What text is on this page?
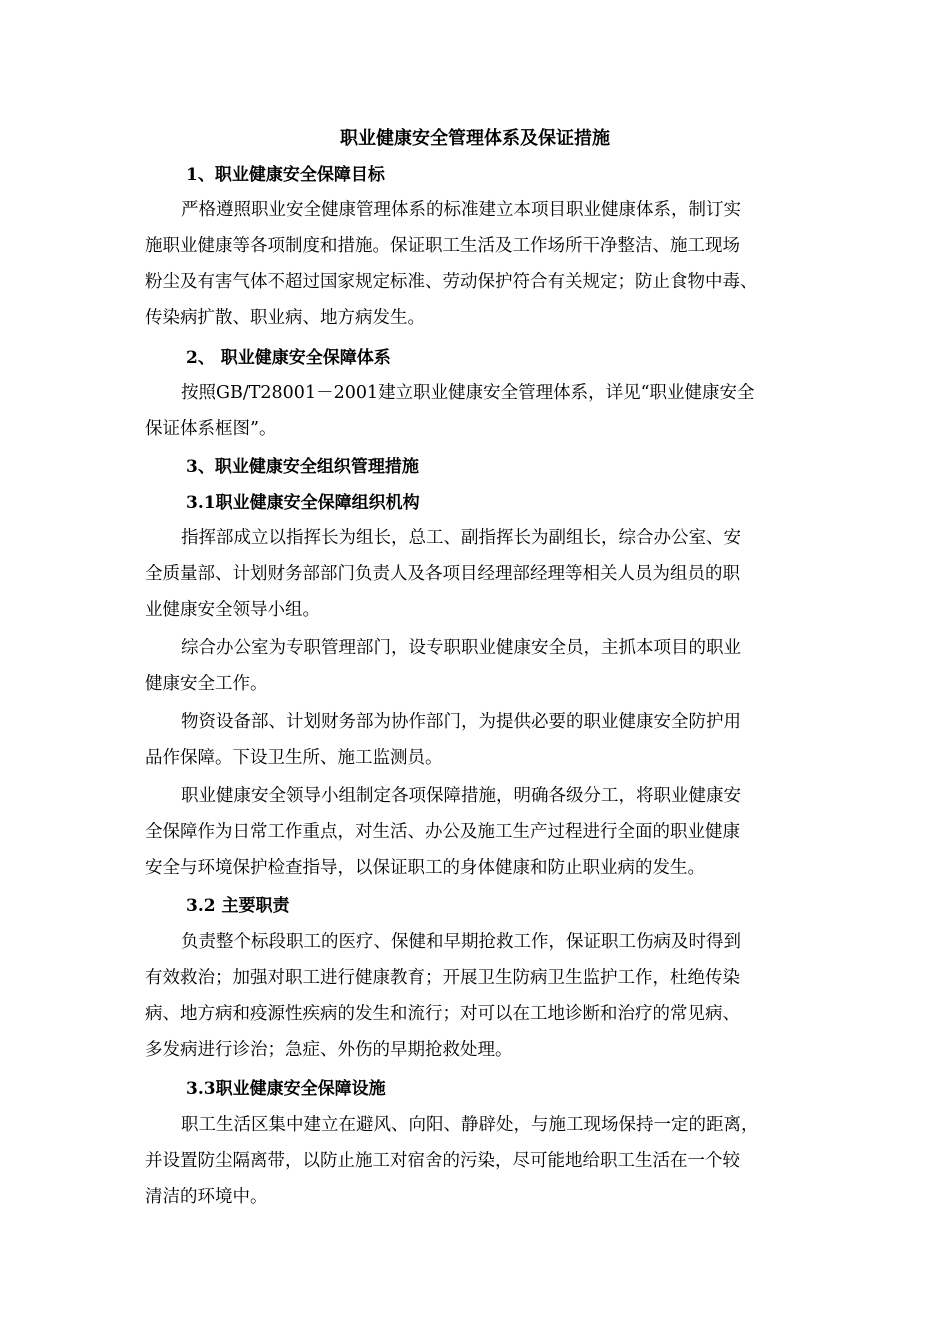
职业健康安全管理体系及保证措施
1、职业健康安全保障目标
严格遵照职业安全健康管理体系的标准建立本项目职业健康体系，制订实
施职业健康等各项制度和措施。保证职工生活及工作场所干净整洁、施工现场
粉尘及有害气体不超过国家规定标准、劳动保护符合有关规定；防止食物中毒、
传染病扩散、职业病、地方病发生。
2、 职业健康安全保障体系
按照GB/T28001－2001建立职业健康安全管理体系，详见“职业健康安全
保证体系框图”。
3、职业健康安全组织管理措施
3.1职业健康安全保障组织机构
指挥部成立以指挥长为组长，总工、副指挥长为副组长，综合办公室、安
全质量部、计划财务部部门负责人及各项目经理部经理等相关人员为组员的职
业健康安全领导小组。
综合办公室为专职管理部门，设专职职业健康安全员，主抓本项目的职业
健康安全工作。
物资设备部、计划财务部为协作部门，为提供必要的职业健康安全防护用
品作保障。下设卫生所、施工监测员。
职业健康安全领导小组制定各项保障措施，明确各级分工，将职业健康安
全保障作为日常工作重点，对生活、办公及施工生产过程进行全面的职业健康
安全与环境保护检查指导，以保证职工的身体健康和防止职业病的发生。
3.2 主要职责
负责整个标段职工的医疗、保健和早期抢救工作，保证职工伤病及时得到
有效救治；加强对职工进行健康教育；开展卫生防病卫生监护工作，杜绝传染
病、地方病和疫源性疾病的发生和流行；对可以在工地诊断和治疗的常见病、
多发病进行诊治；急症、外伤的早期抢救处理。
3.3职业健康安全保障设施
职工生活区集中建立在避风、向阳、静辟处，与施工现场保持一定的距离，
并设置防尘隔离带，以防止施工对宿舍的污染，尽可能地给职工生活在一个较
清洁的环境中。
